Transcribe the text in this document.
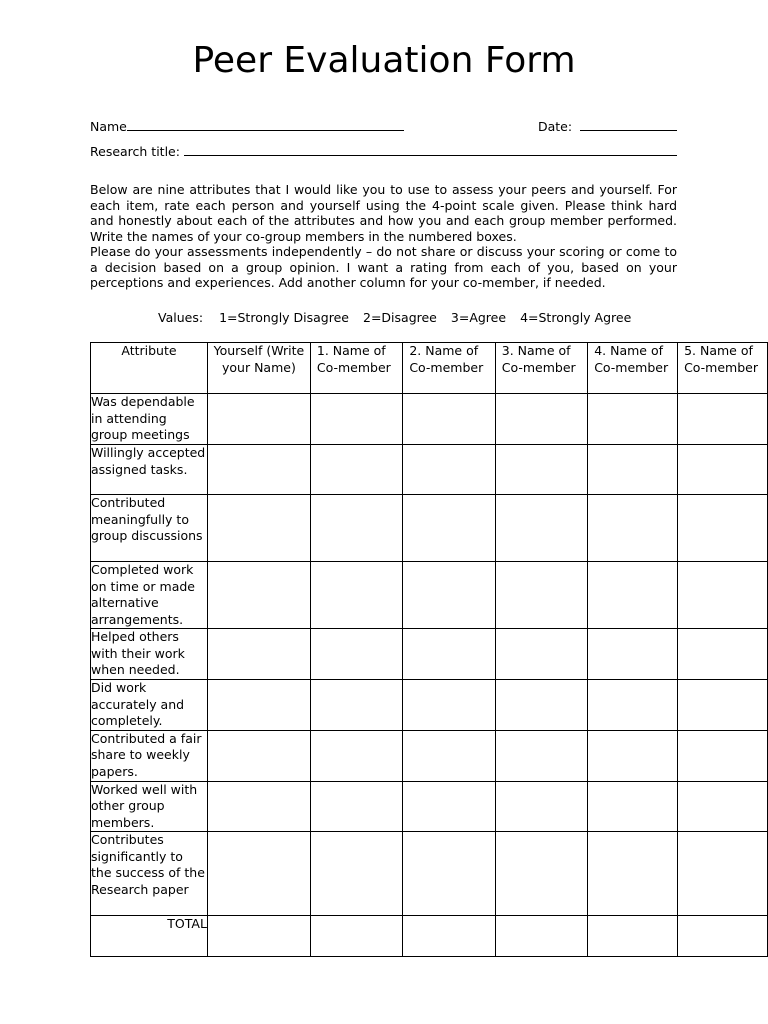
Peer Evaluation Form
Name	Date:
Research title:

Below are nine attributes that I would like you to use to assess your peers and yourself. For each item, rate each person and yourself using the 4-point scale given. Please think hard and honestly about each of the attributes and how you and each group member performed. Write the names of your co-group members in the numbered boxes.

Please do your assessments independently – do not share or discuss your scoring or come to a decision based on a group opinion. I want a rating from each of you, based on your perceptions and experiences. Add another column for your co-member, if needed.

Values: 1=Strongly Disagree 2=Disagree 3=Agree 4=Strongly Agree
Attribute	Yourself (Write your Name)	1. Name of Co-member	2. Name of Co-member	3. Name of Co-member	4. Name of Co-member	5. Name of Co-member
Was dependable in attending group meetings						
Willingly accepted assigned tasks.						
Contributed meaningfully to group discussions						
Completed work on time or made alternative arrangements.						
Helped others with their work when needed.						
Did work accurately and completely.						
Contributed a fair share to weekly papers.						
Worked well with other group members.						
Contributes significantly to the success of the Research paper						
TOTAL						
